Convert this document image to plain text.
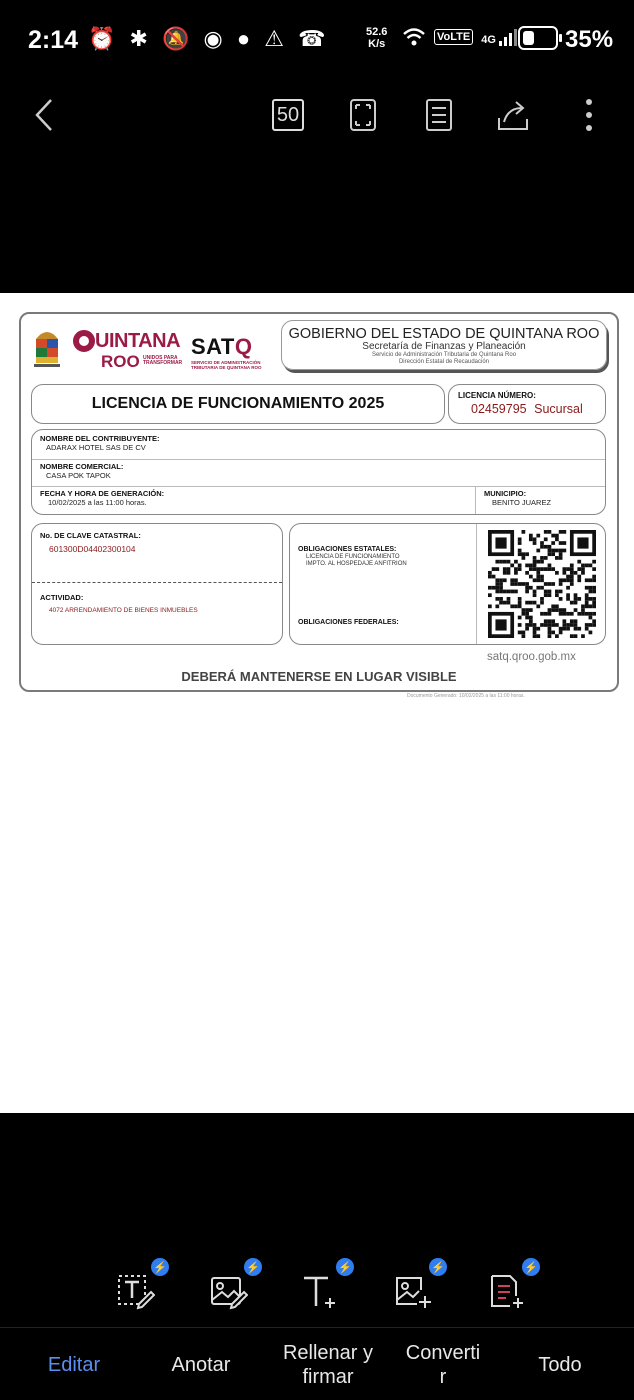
2:14 ⏰ ✱ 🔕 ◉ ● ⚠ ☎	52.6
K/s
VoLTE 4G	35%
50
UINTANA
ROO UNIDOS PARA TRANSFORMAR
SATQ
SERVICIO DE ADMINISTRACIÓN TRIBUTARIA DE QUINTANA ROO
GOBIERNO DEL ESTADO DE QUINTANA ROO
Secretaría de Finanzas y Planeación
Servicio de Administración Tributaria de Quintana Roo
Dirección Estatal de Recaudación
LICENCIA DE FUNCIONAMIENTO 2025	LICENCIA NÚMERO:
02459795 Sucursal
NOMBRE DEL CONTRIBUYENTE:
ADARAX HOTEL SAS DE CV
NOMBRE COMERCIAL:
CASA POK TAPOK
FECHA Y HORA DE GENERACIÓN:
10/02/2025 a las 11:00 horas.
MUNICIPIO:
BENITO JUAREZ
No. DE CLAVE CATASTRAL:
601300D04402300104
ACTIVIDAD:
4072 ARRENDAMIENTO DE BIENES INMUEBLES
OBLIGACIONES ESTATALES:
LICENCIA DE FUNCIONAMIENTO
IMPTO. AL HOSPEDAJE ANFITRION
OBLIGACIONES FEDERALES:
satq.qroo.gob.mx
DEBERÁ MANTENERSE EN LUGAR VISIBLE
Documento Generado: 10/02/2025 a las 11:00 horas.
⚡	⚡	⚡	⚡	⚡
Editar	Anotar
Rellenar y
firmar
Converti
r
Todo
